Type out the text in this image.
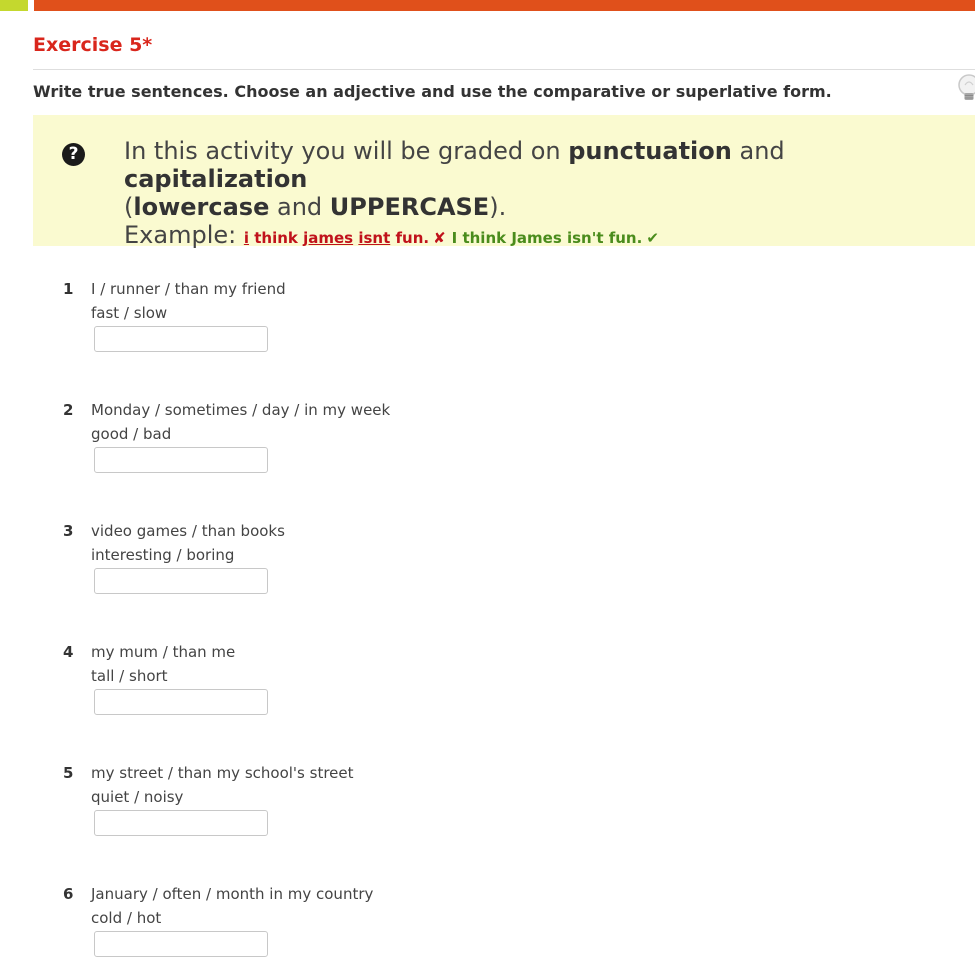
Exercise 5*
Write true sentences. Choose an adjective and use the comparative or superlative form.
? In this activity you will be graded on punctuation and capitalization
(lowercase and UPPERCASE).
Example: i think james isnt fun. ✘ I think James isn't fun. ✔
1 I / runner / than my friend
fast / slow
2 Monday / sometimes / day / in my week
good / bad
3 video games / than books
interesting / boring
4 my mum / than me
tall / short
5 my street / than my school's street
quiet / noisy
6 January / often / month in my country
cold / hot
